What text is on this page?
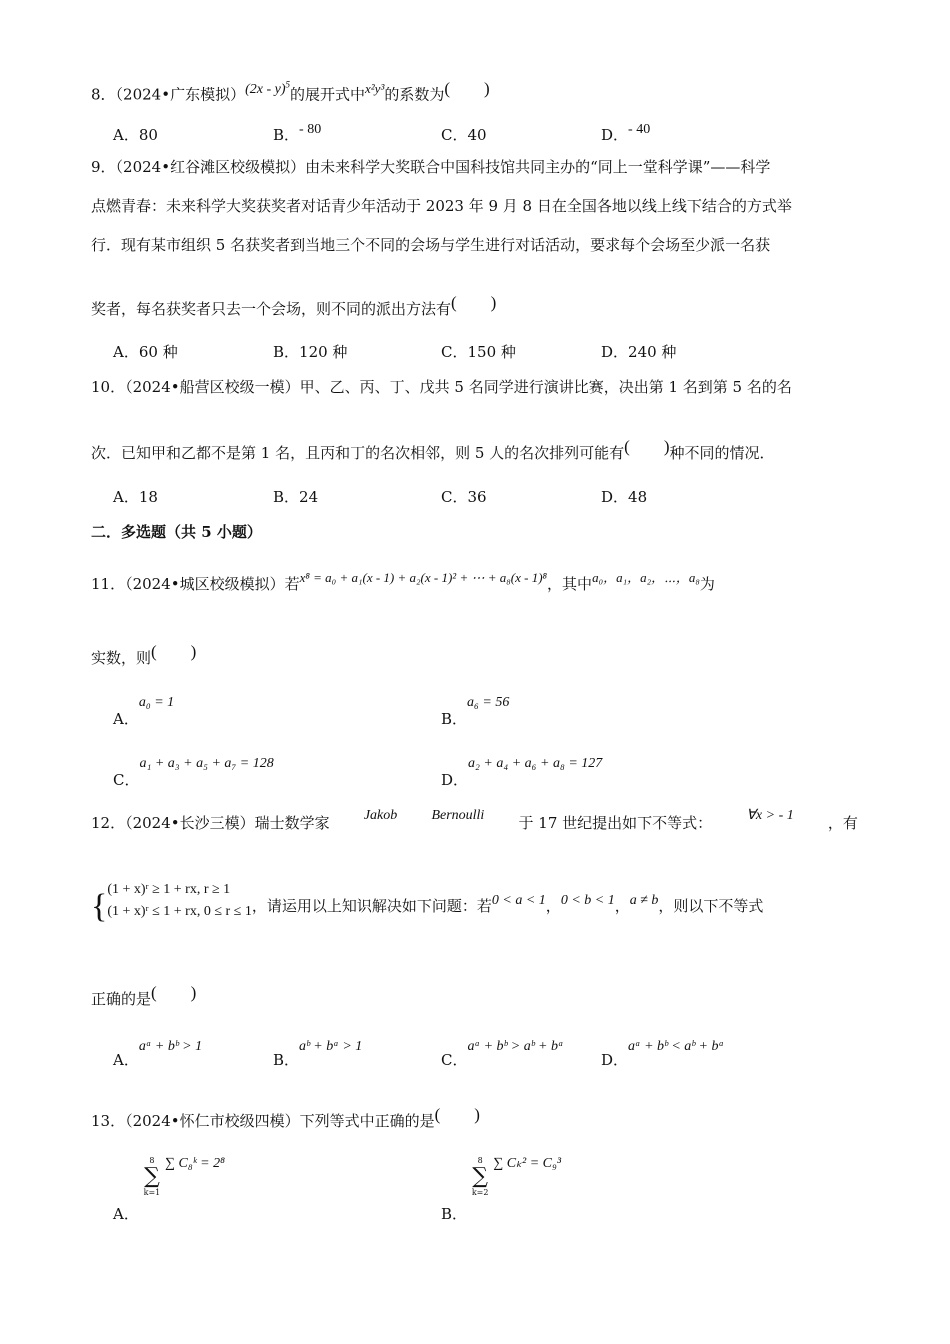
8．（2024•广东模拟）(2x - y)$^5$的展开式中x²y³的系数为(　　)
A．80	B．- 80	C．40	D．- 40
9．（2024•红谷滩区校级模拟）由未来科学大奖联合中国科技馆共同主办的“同上一堂科学课”——科学
点燃青春：未来科学大奖获奖者对话青少年活动于 2023 年 9 月 8 日在全国各地以线上线下结合的方式举
行．现有某市组织 5 名获奖者到当地三个不同的会场与学生进行对话活动，要求每个会场至少派一名获
奖者，每名获奖者只去一个会场，则不同的派出方法有(　　)
A．60 种	B．120 种	C．150 种	D．240 种
10．（2024•船营区校级一模）甲、乙、丙、丁、戊共 5 名同学进行演讲比赛，决出第 1 名到第 5 名的名
次．已知甲和乙都不是第 1 名，且丙和丁的名次相邻，则 5 人的名次排列可能有(　　)种不同的情况．
A．18	B．24	C．36	D．48
二．多选题（共 5 小题）
11．（2024•城区校级模拟）若x⁸ = a₀ + a₁(x - 1) + a₂(x - 1)² + ⋯ + a₈(x - 1)⁸，其中a₀，a₁，a₂，⋯，a₈为
实数，则(　　)
A．a₀ = 1
B．a₆ = 56
C．a₁ + a₃ + a₅ + a₇ = 128
D．a₂ + a₄ + a₆ + a₈ = 127
12．（2024•长沙三模）瑞士数学家 Jakob Bernoulli 于 17 世纪提出如下不等式： ∀x > - 1 ，有
{ (1 + x)ʳ ≥ 1 + rx, r ≥ 1
(1 + x)ʳ ≤ 1 + rx, 0 ≤ r ≤ 1 ，请运用以上知识解决如下问题：若0 < a < 1，0 < b < 1，a ≠ b，则以下不等式
正确的是(　　)
A．aᵃ + bᵇ > 1
B．aᵇ + bᵃ > 1
C．aᵃ + bᵇ > aᵇ + bᵃ
D．aᵃ + bᵇ < aᵇ + bᵃ
13．（2024•怀仁市校级四模）下列等式中正确的是(　　)
A．
8
∑
k=1
∑ C₈ᵏ = 2⁸
B．
8
∑
k=2
∑ Cₖ² = C₉³
